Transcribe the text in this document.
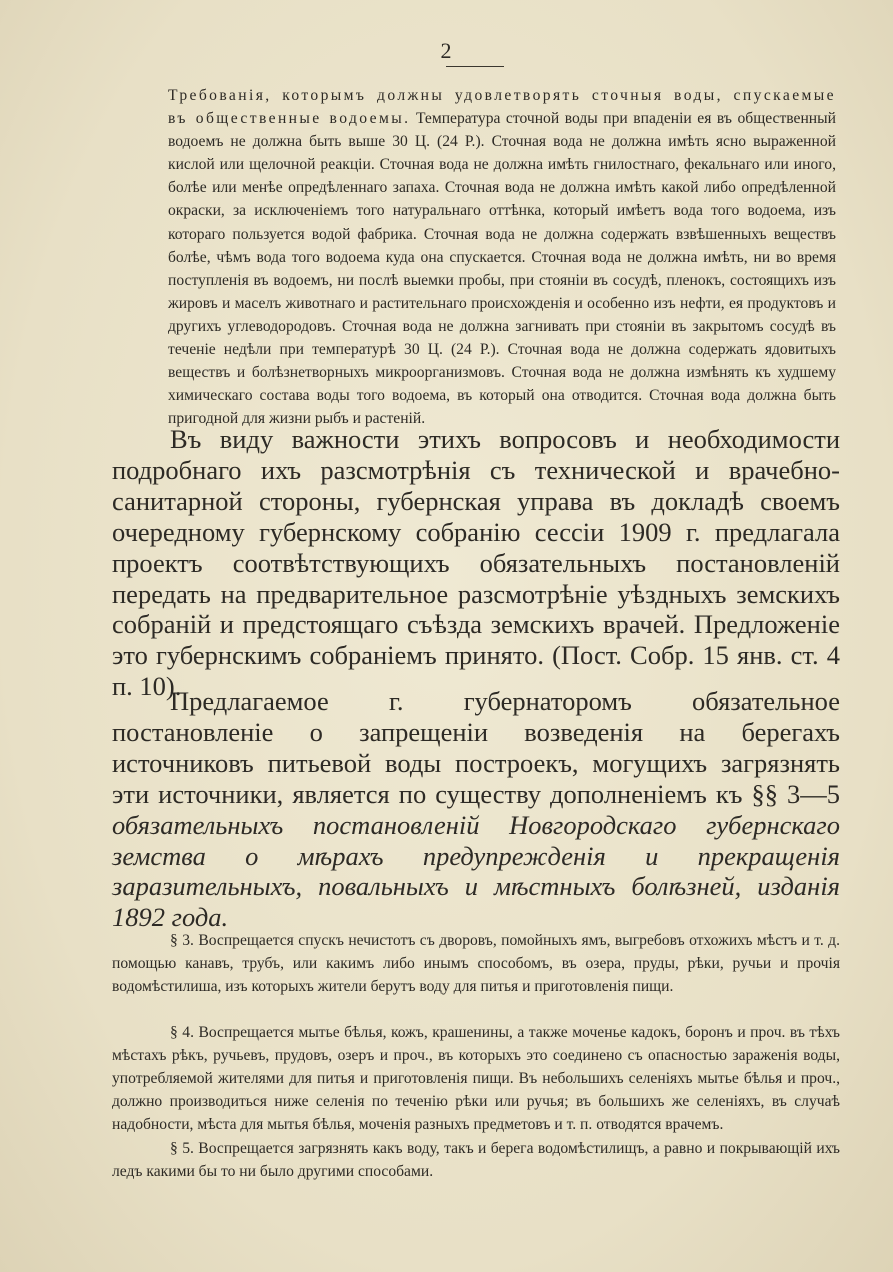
2
Требованія, которымъ должны удовлетворять сточныя воды, спускаемые въ общественные водоемы. Температура сточной воды при впаденіи ея въ общественный водоемъ не должна быть выше 30 Ц. (24 Р.). Сточная вода не должна имѣть ясно выраженной кислой или щелочной реакціи. Сточная вода не должна имѣть гнилостнаго, фекальнаго или иного, болѣе или менѣе опредѣленнаго запаха. Сточная вода не должна имѣть какой либо опредѣленной окраски, за исключеніемъ того натуральнаго оттѣнка, который имѣетъ вода того водоема, изъ котораго пользуется водой фабрика. Сточная вода не должна содержать взвѣшенныхъ веществъ болѣе, чѣмъ вода того водоема куда она спускается. Сточная вода не должна имѣть, ни во время поступленія въ водоемъ, ни послѣ выемки пробы, при стояніи въ сосудѣ, пленокъ, состоящихъ изъ жировъ и маселъ животнаго и растительнаго происхожденія и особенно изъ нефти, ея продуктовъ и другихъ углеводородовъ. Сточная вода не должна загнивать при стояніи въ закрытомъ сосудѣ въ теченіе недѣли при температурѣ 30 Ц. (24 Р.). Сточная вода не должна содержать ядовитыхъ веществъ и болѣзнетворныхъ микроорганизмовъ. Сточная вода не должна измѣнять къ худшему химическаго состава воды того водоема, въ который она отводится. Сточная вода должна быть пригодной для жизни рыбъ и растеній.
Въ виду важности этихъ вопросовъ и необходимости подробнаго ихъ разсмотрѣнія съ технической и врачебно-санитарной стороны, губернская управа въ докладѣ своемъ очередному губернскому собранію сессіи 1909 г. предлагала проектъ соотвѣтствующихъ обязательныхъ постановленій передать на предварительное разсмотрѣніе уѣздныхъ земскихъ собраній и предстоящаго съѣзда земскихъ врачей. Предложеніе это губернскимъ собраніемъ принято. (Пост. Собр. 15 янв. ст. 4 п. 10).
Предлагаемое г. губернаторомъ обязательное постановленіе о запрещеніи возведенія на берегахъ источниковъ питьевой воды построекъ, могущихъ загрязнять эти источники, является по существу дополненіемъ къ §§ 3—5 обязательныхъ постановленій Новгородскаго губернскаго земства о мѣрахъ предупрежденія и прекращенія заразительныхъ, повальныхъ и мѣстныхъ болѣзней, изданія 1892 года.
§ 3. Воспрещается спускъ нечистотъ съ дворовъ, помойныхъ ямъ, выгребовъ отхожихъ мѣстъ и т. д. помощью канавъ, трубъ, или какимъ либо инымъ способомъ, въ озера, пруды, рѣки, ручьи и прочія водомѣстилиша, изъ которыхъ жители берутъ воду для питья и приготовленія пищи.
§ 4. Воспрещается мытье бѣлья, кожъ, крашенины, а также моченье кадокъ, боронъ и проч. въ тѣхъ мѣстахъ рѣкъ, ручьевъ, прудовъ, озеръ и проч., въ которыхъ это соединено съ опасностью зараженія воды, употребляемой жителями для питья и приготовленія пищи. Въ небольшихъ селеніяхъ мытье бѣлья и проч., должно производиться ниже селенія по теченію рѣки или ручья; въ большихъ же селеніяхъ, въ случаѣ надобности, мѣста для мытья бѣлья, моченія разныхъ предметовъ и т. п. отводятся врачемъ.
§ 5. Воспрещается загрязнять какъ воду, такъ и берега водомѣстилищъ, а равно и покрывающій ихъ ледъ какими бы то ни было другими способами.
